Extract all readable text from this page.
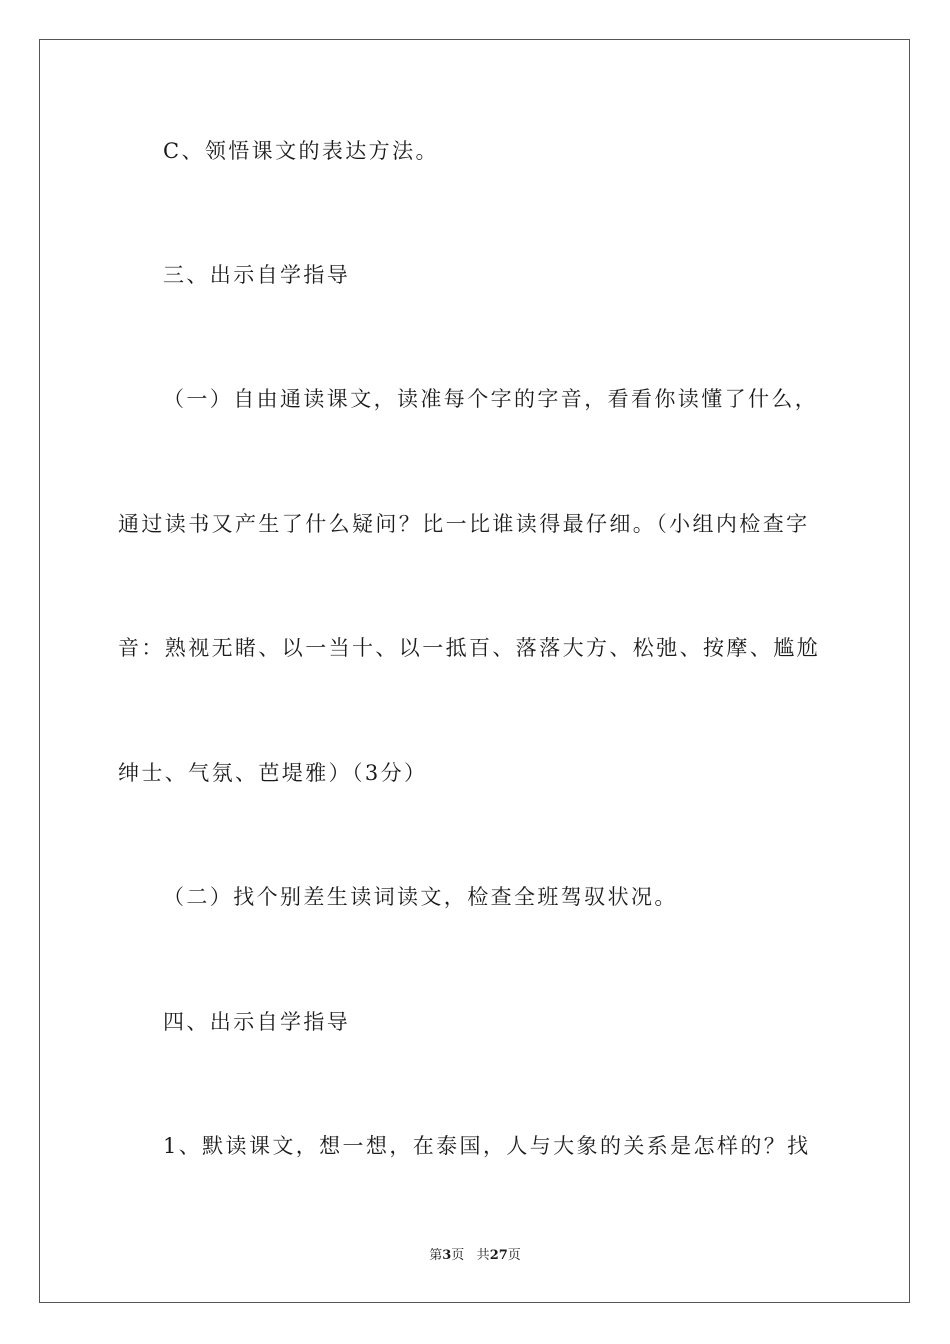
C、领悟课文的表达方法。
三、出示自学指导
（一）自由通读课文，读准每个字的字音，看看你读懂了什么，
通过读书又产生了什么疑问？比一比谁读得最仔细。（小组内检查字
音：熟视无睹、以一当十、以一抵百、落落大方、松弛、按摩、尴尬
绅士、气氛、芭堤雅）（3分）
（二）找个别差生读词读文，检查全班驾驭状况。
四、出示自学指导
1、默读课文，想一想，在泰国，人与大象的关系是怎样的？找
第3页 共27页
